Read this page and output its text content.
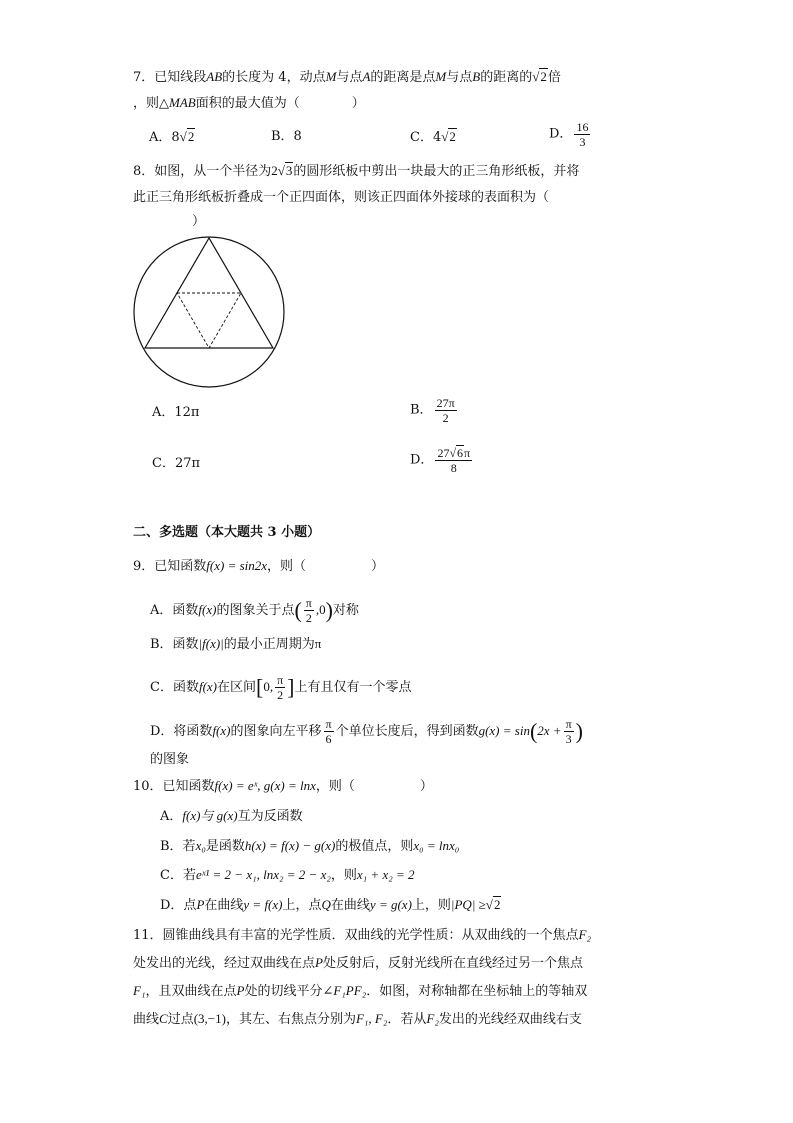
7．已知线段AB的长度为 4，动点M与点A的距离是点M与点B的距离的√2倍
，则△MAB面积的最大值为（　　　　）
A．8√2	B．8	C．4√2	D． $\frac{16}{3}$
8．如图，从一个半径为2√3的圆形纸板中剪出一块最大的正三角形纸板，并将
此正三角形纸板折叠成一个正四面体，则该正四面体外接球的表面积为（
）
A．12π	B． $\frac{27\pi}{2}$
C．27π	D． $\frac{27√6\pi}{8}$
二、多选题（本大题共 3 小题）
9．已知函数f(x) = sin2x，则（　　　　　）
A．函数f(x)的图象关于点( $\frac{\pi}{2} ,0$)对称
B．函数|f(x)|的最小正周期为π
C．函数f(x)在区间[0, $\frac{\pi}{2}$ ]上有且仅有一个零点
D．将函数f(x)的图象向左平移 $\frac{\pi}{6}$ 个单位长度后，得到函数$g(x) = \sin(2x + \frac{\pi}{3}$ )
的图象
10．已知函数f(x) = eˣ, g(x) = lnx，则（　　　　　）
A．f(x)与 g(x)互为反函数
B．若x₀是函数h(x) = f(x) − g(x)的极值点，则x₀ = lnx₀
C．若eˣ¹ = 2 − x₁, lnx₂ = 2 − x₂，则x₁ + x₂ = 2
D．点P在曲线y = f(x)上，点Q在曲线y = g(x)上，则|PQ| ≥√2
11．圆锥曲线具有丰富的光学性质．双曲线的光学性质：从双曲线的一个焦点F₂
处发出的光线，经过双曲线在点P处反射后，反射光线所在直线经过另一个焦点
F₁，且双曲线在点P处的切线平分∠F₁PF₂．如图，对称轴都在坐标轴上的等轴双
曲线C过点(3,−1)，其左、右焦点分别为F₁, F₂．若从F₂发出的光线经双曲线右支
